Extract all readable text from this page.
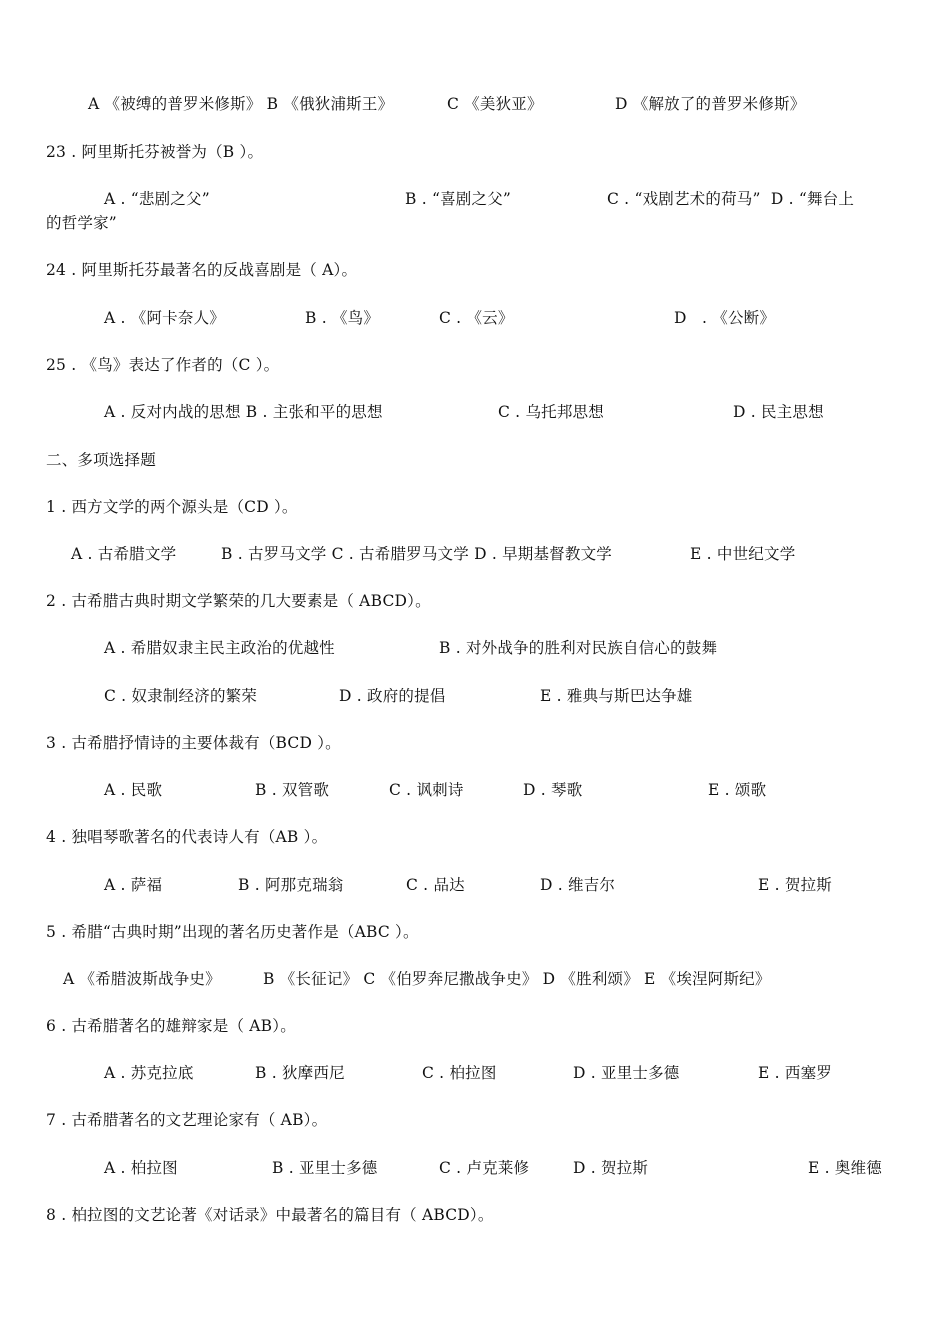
A 《被缚的普罗米修斯》 B 《俄狄浦斯王》	C 《美狄亚》	D 《解放了的普罗米修斯》
23 . 阿里斯托芬被誉为（B ）。
A . “悲剧之父”	B . “喜剧之父”	C . “戏剧艺术的荷马”  D . “舞台上
的哲学家”
24 . 阿里斯托芬最著名的反战喜剧是（ A）。
A . 《阿卡奈人》	B . 《鸟》	C . 《云》	D   . 《公断》
25 . 《鸟》表达了作者的（C ）。
A . 反对内战的思想 B . 主张和平的思想	C . 乌托邦思想	D . 民主思想
二、多项选择题
1 . 西方文学的两个源头是（CD ）。
A . 古希腊文学	B . 古罗马文学 C . 古希腊罗马文学 D . 早期基督教文学	E . 中世纪文学
2 . 古希腊古典时期文学繁荣的几大要素是（ ABCD）。
A . 希腊奴隶主民主政治的优越性	B . 对外战争的胜利对民族自信心的鼓舞
C . 奴隶制经济的繁荣	D . 政府的提倡	E . 雅典与斯巴达争雄
3 . 古希腊抒情诗的主要体裁有（BCD ）。
A . 民歌	B . 双管歌	C . 讽刺诗	D . 琴歌	E . 颂歌
4 . 独唱琴歌著名的代表诗人有（AB ）。
A . 萨福	B . 阿那克瑞翁	C . 品达	D . 维吉尔	E . 贺拉斯
5 . 希腊“古典时期”出现的著名历史著作是（ABC ）。
A 《希腊波斯战争史》	B 《长征记》 C 《伯罗奔尼撒战争史》 D 《胜利颂》 E 《埃涅阿斯纪》
6 . 古希腊著名的雄辩家是（ AB）。
A . 苏克拉底	B . 狄摩西尼	C . 柏拉图	D . 亚里士多德	E . 西塞罗
7 . 古希腊著名的文艺理论家有（ AB）。
A . 柏拉图	B . 亚里士多德	C . 卢克莱修	D . 贺拉斯	E . 奥维德
8 . 柏拉图的文艺论著《对话录》中最著名的篇目有（ ABCD）。
